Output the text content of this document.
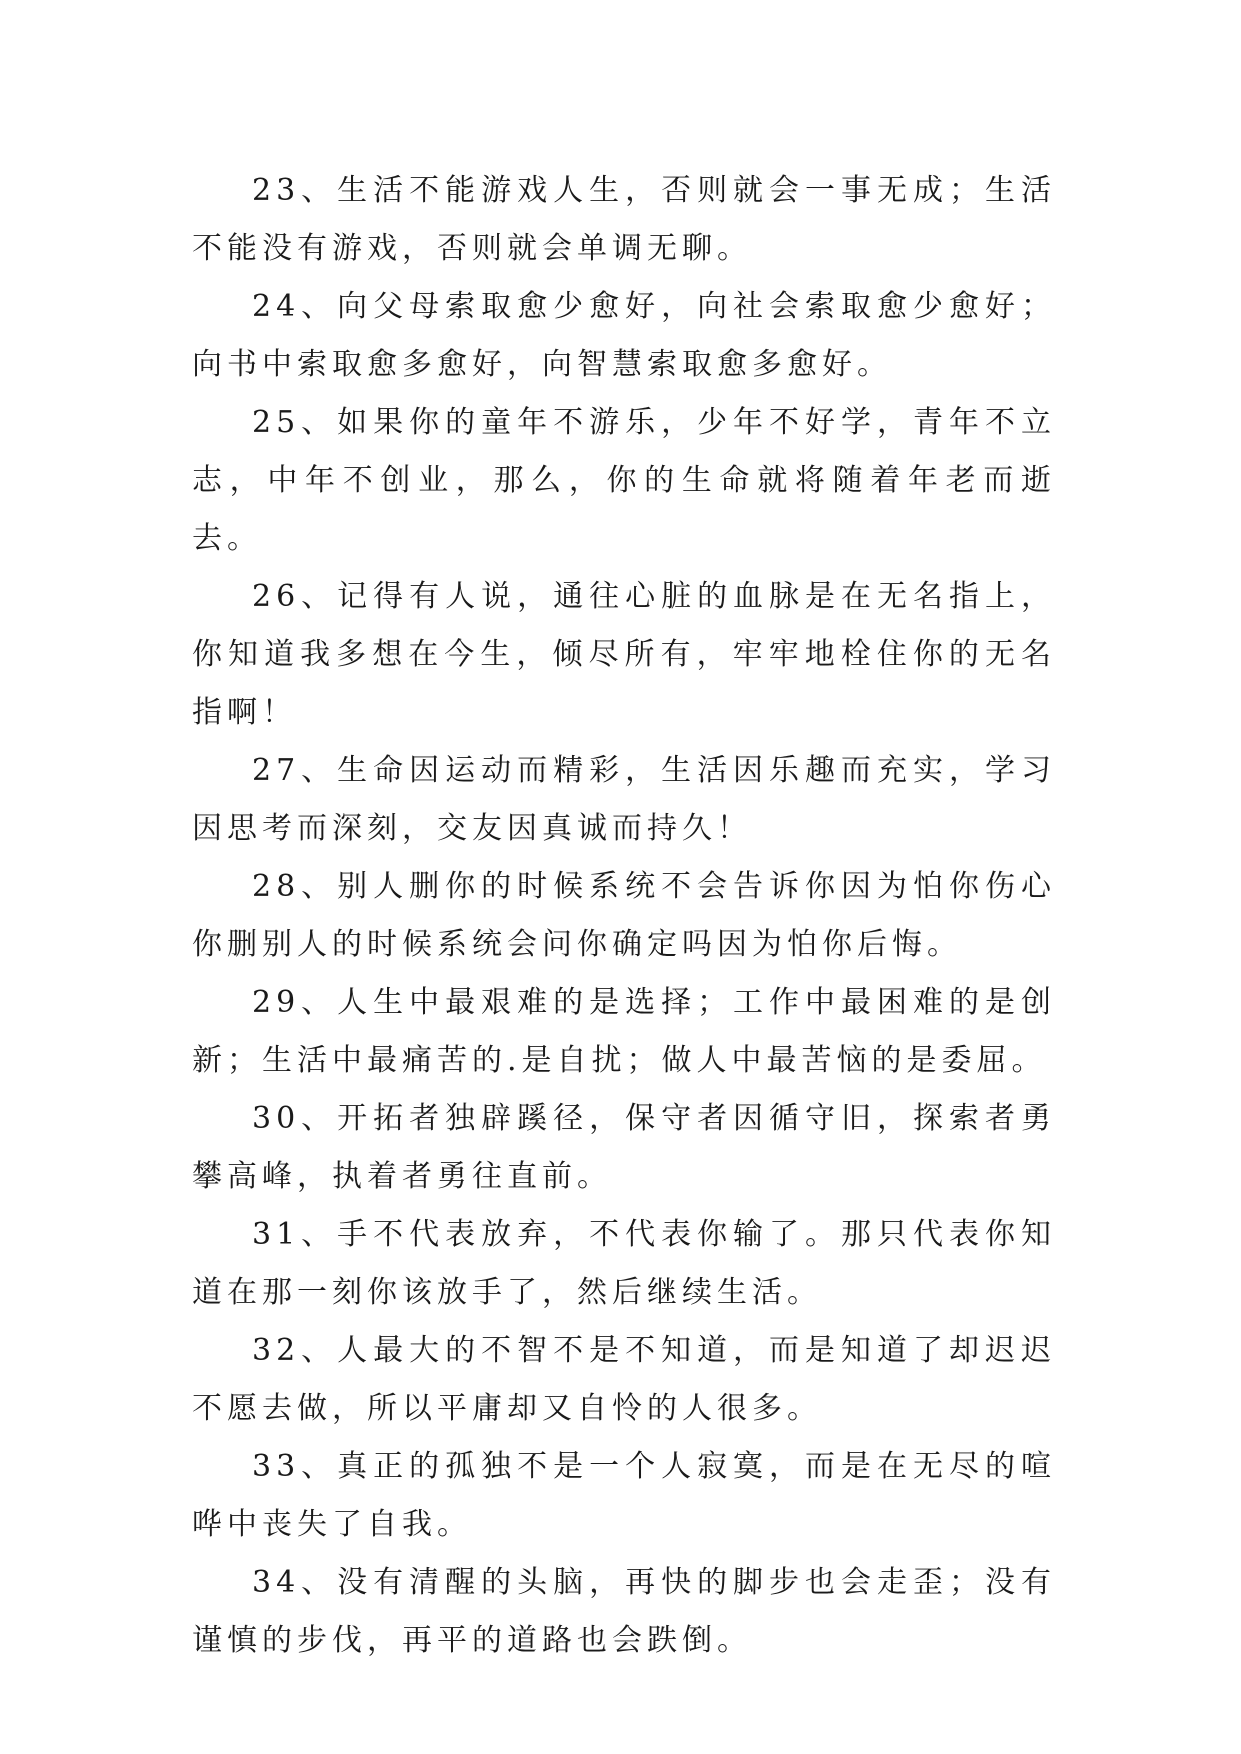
23、生活不能游戏人生，否则就会一事无成；生活不能没有游戏，否则就会单调无聊。

24、向父母索取愈少愈好，向社会索取愈少愈好；向书中索取愈多愈好，向智慧索取愈多愈好。

25、如果你的童年不游乐，少年不好学，青年不立志，中年不创业，那么，你的生命就将随着年老而逝去。

26、记得有人说，通往心脏的血脉是在无名指上，你知道我多想在今生，倾尽所有，牢牢地栓住你的无名指啊！

27、生命因运动而精彩，生活因乐趣而充实，学习因思考而深刻，交友因真诚而持久！

28、别人删你的时候系统不会告诉你因为怕你伤心你删别人的时候系统会问你确定吗因为怕你后悔。

29、人生中最艰难的是选择；工作中最困难的是创新；生活中最痛苦的.是自扰；做人中最苦恼的是委屈。

30、开拓者独辟蹊径，保守者因循守旧，探索者勇攀高峰，执着者勇往直前。

31、手不代表放弃，不代表你输了。那只代表你知道在那一刻你该放手了，然后继续生活。

32、人最大的不智不是不知道，而是知道了却迟迟不愿去做，所以平庸却又自怜的人很多。

33、真正的孤独不是一个人寂寞，而是在无尽的喧哗中丧失了自我。

34、没有清醒的头脑，再快的脚步也会走歪；没有谨慎的步伐，再平的道路也会跌倒。
